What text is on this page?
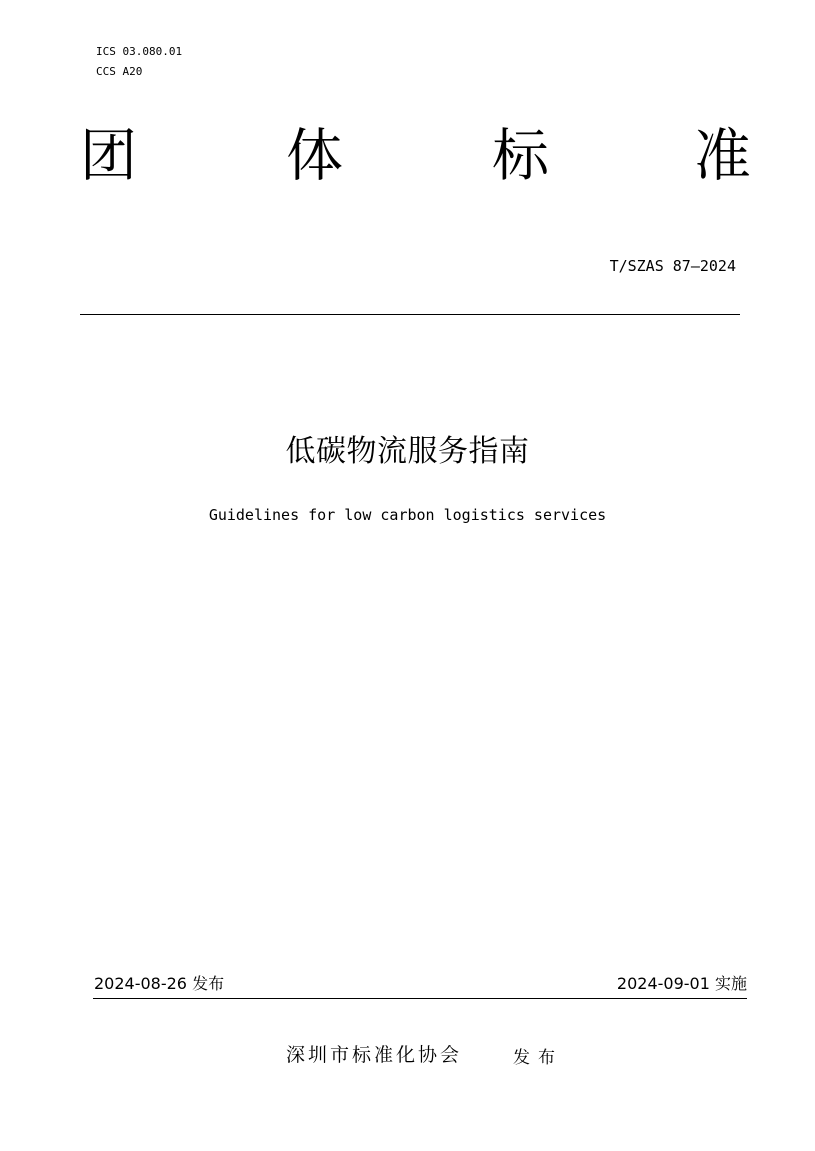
ICS 03.080.01
CCS A20
团	体	标	准
T/SZAS 87—2024
低碳物流服务指南
Guidelines for low carbon logistics services
2024-08-26 发布	2024-09-01 实施
深圳市标准化协会	发布
